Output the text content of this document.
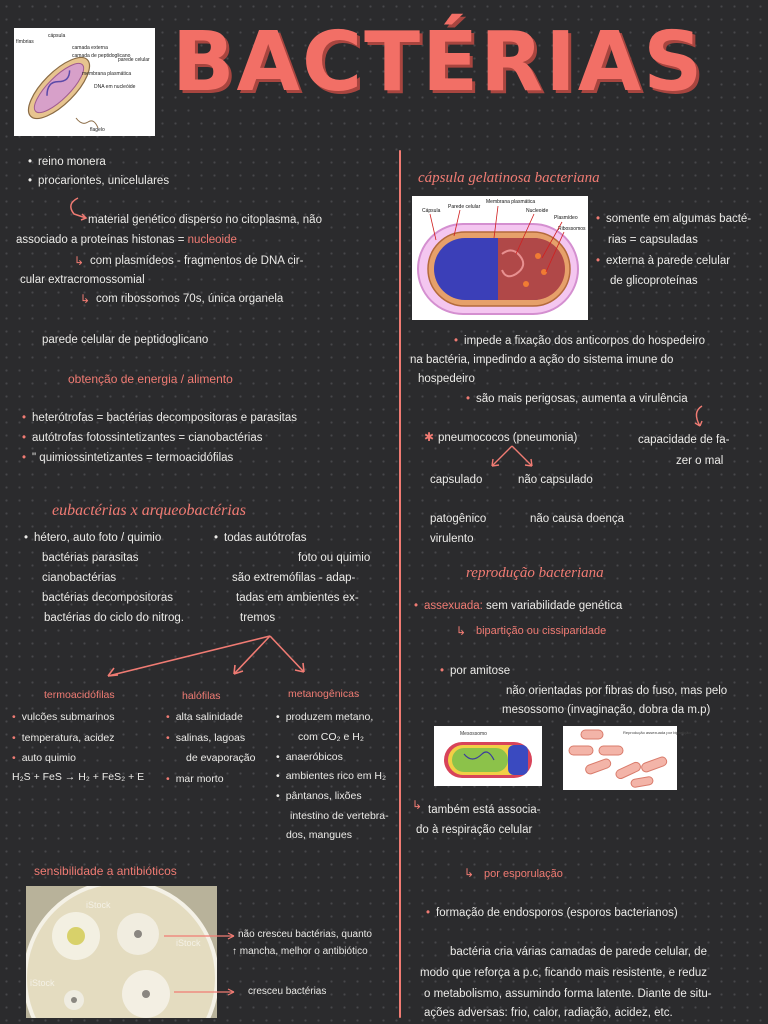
BACTÉRIAS
cápsula
fímbrias
camada externa
camada de peptidoglicano
parede celular
membrana plasmática
DNA em nucleóide
flagelo
• reino monera
• procariontes, unicelulares
material genético disperso no citoplasma, não
associado a proteínas histonas = nucleoide
↳ com plasmídeos - fragmentos de DNA cir-
cular extracromossomial
↳ com ribossomos 70s, única organela
parede celular de peptidoglicano
obtenção de energia / alimento
• heterótrofas = bactérias decompositoras e parasitas
• autótrofas fotossintetizantes = cianobactérias
• " quimiossintetizantes = termoacidófilas
eubactérias x arqueobactérias
• hétero, auto foto / quimio
bactérias parasitas
cianobactérias
bactérias decompositoras
bactérias do ciclo do nitrog.
• todas autótrofas
foto ou quimio
são extremófilas - adap-
tadas em ambientes ex-
tremos
termoacidófilas
• vulcões submarinos
• temperatura, acidez
• auto quimio
H₂S + FeS → H₂ + FeS₂ + E
halófilas
• alta salinidade
• salinas, lagoas
de evaporação
• mar morto
metanogênicas
• produzem metano,
com CO₂ e H₂
• anaeróbicos
• ambientes rico em H₂
• pântanos, lixões
intestino de vertebra-
dos, mangues
sensibilidade a antibióticos
iStock
iStock
iStock
não cresceu bactérias, quanto
↑ mancha, melhor o antibiótico
cresceu bactérias
cápsula gelatinosa bacteriana
Cápsula
Parede celular
Membrana plasmática
Nucleoide
Plasmídeo
Ribossomos
• somente em algumas bacté-
rias = capsuladas
• externa à parede celular
de glicoproteínas
• impede a fixação dos anticorpos do hospedeiro
na bactéria, impedindo a ação do sistema imune do
hospedeiro
• são mais perigosas, aumenta a virulência
✱ pneumococos (pneumonia)	capacidade de fa-
zer o mal
capsulado	não capsulado
patogênico
virulento
não causa doença
reprodução bacteriana
• assexuada: sem variabilidade genética
↳ bipartição ou cissiparidade
• por amitose
não orientadas por fibras do fuso, mas pelo
mesossomo (invaginação, dobra da m.p)
Mesossomo	Reprodução assexuada por bipartição
↳ também está associa-
do à respiração celular
↳ por esporulação
• formação de endosporos (esporos bacterianos)
bactéria cria várias camadas de parede celular, de
modo que reforça a p.c, ficando mais resistente, e reduz
o metabolismo, assumindo forma latente. Diante de situ-
ações adversas: frio, calor, radiação, acidez, etc.
